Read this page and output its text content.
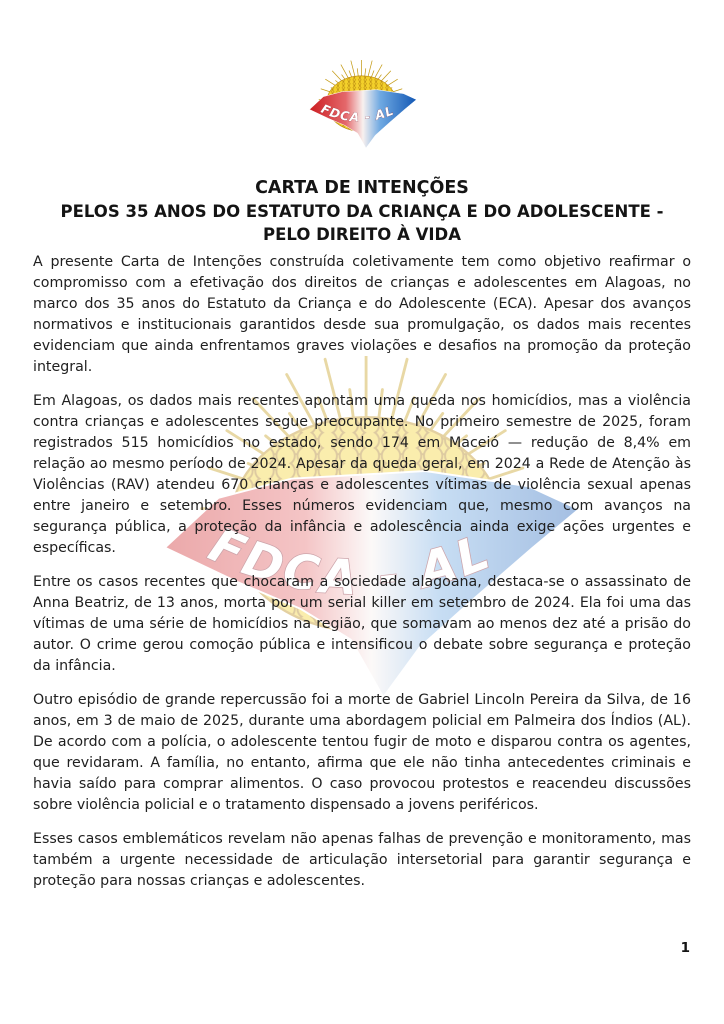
CARTA DE INTENÇÕES

PELOS 35 ANOS DO ESTATUTO DA CRIANÇA E DO ADOLESCENTE -

PELO DIREITO À VIDA

A presente Carta de Intenções construída coletivamente tem como objetivo reafirmar o compromisso com a efetivação dos direitos de crianças e adolescentes em Alagoas, no marco dos 35 anos do Estatuto da Criança e do Adolescente (ECA). Apesar dos avanços normativos e institucionais garantidos desde sua promulgação, os dados mais recentes evidenciam que ainda enfrentamos graves violações e desafios na promoção da proteção integral.

Em Alagoas, os dados mais recentes apontam uma queda nos homicídios, mas a violência contra crianças e adolescentes segue preocupante. No primeiro semestre de 2025, foram registrados 515 homicídios no estado, sendo 174 em Maceió — redução de 8,4% em relação ao mesmo período de 2024. Apesar da queda geral, em 2024 a Rede de Atenção às Violências (RAV) atendeu 670 crianças e adolescentes vítimas de violência sexual apenas entre janeiro e setembro. Esses números evidenciam que, mesmo com avanços na segurança pública, a proteção da infância e adolescência ainda exige ações urgentes e específicas.

Entre os casos recentes que chocaram a sociedade alagoana, destaca-se o assassinato de Anna Beatriz, de 13 anos, morta por um serial killer em setembro de 2024. Ela foi uma das vítimas de uma série de homicídios na região, que somavam ao menos dez até a prisão do autor. O crime gerou comoção pública e intensificou o debate sobre segurança e proteção da infância.

Outro episódio de grande repercussão foi a morte de Gabriel Lincoln Pereira da Silva, de 16 anos, em 3 de maio de 2025, durante uma abordagem policial em Palmeira dos Índios (AL). De acordo com a polícia, o adolescente tentou fugir de moto e disparou contra os agentes, que revidaram. A família, no entanto, afirma que ele não tinha antecedentes criminais e havia saído para comprar alimentos. O caso provocou protestos e reacendeu discussões sobre violência policial e o tratamento dispensado a jovens periféricos.

Esses casos emblemáticos revelam não apenas falhas de prevenção e monitoramento, mas também a urgente necessidade de articulação intersetorial para garantir segurança e proteção para nossas crianças e adolescentes.

1
